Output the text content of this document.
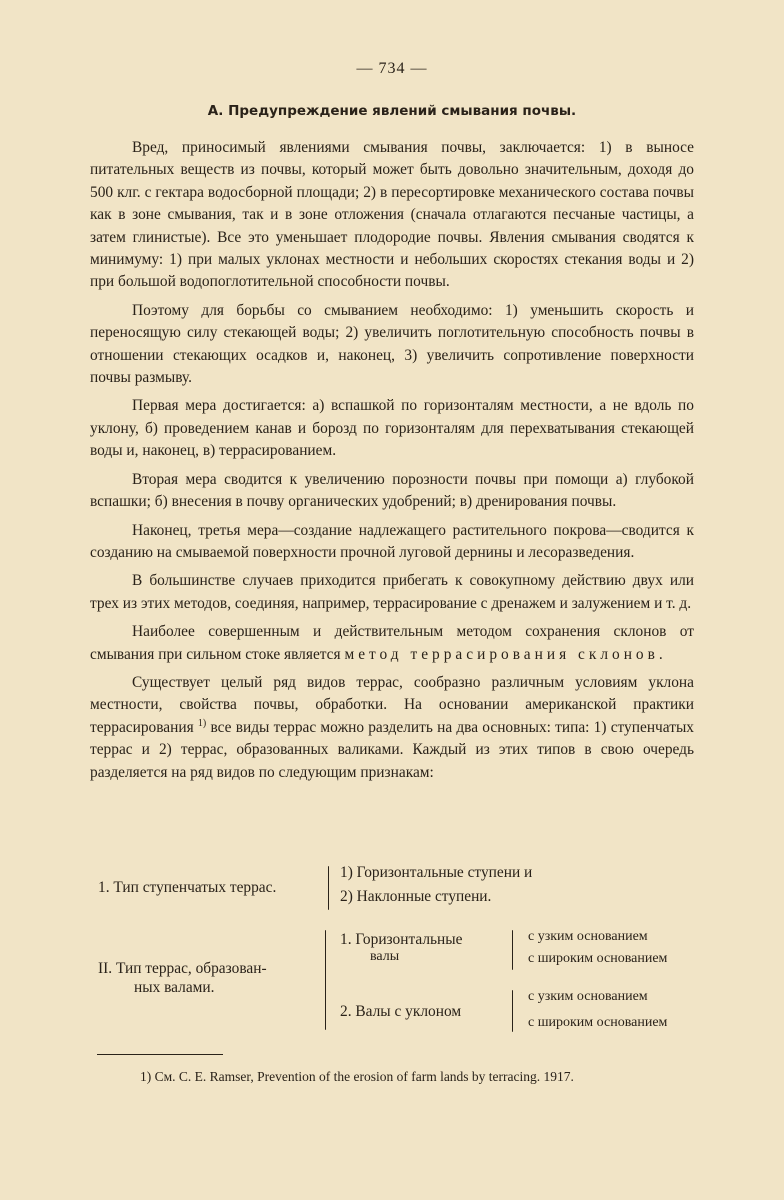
— 734 —
А. Предупреждение явлений смывания почвы.

Вред, приносимый явлениями смывания почвы, заключается: 1) в выносе питательных веществ из почвы, который может быть довольно значительным, доходя до 500 клг. с гектара водосборной площади; 2) в пересортировке механического состава почвы как в зоне смывания, так и в зоне отложения (сначала отлагаются песчаные частицы, а затем глинистые). Все это уменьшает плодородие почвы. Явления смывания сводятся к минимуму: 1) при малых уклонах местности и небольших скоростях стекания воды и 2) при большой водопоглотительной способности почвы.

Поэтому для борьбы со смыванием необходимо: 1) уменьшить скорость и переносящую силу стекающей воды; 2) увеличить поглотительную способность почвы в отношении стекающих осадков и, наконец, 3) увеличить сопротивление поверхности почвы размыву.

Первая мера достигается: а) вспашкой по горизонталям местности, а не вдоль по уклону, б) проведением канав и борозд по горизонталям для перехватывания стекающей воды и, наконец, в) террасированием.

Вторая мера сводится к увеличению порозности почвы при помощи а) глубокой вспашки; б) внесения в почву органических удобрений; в) дренирования почвы.

Наконец, третья мера—создание надлежащего растительного покрова—сводится к созданию на смываемой поверхности прочной луговой дернины и лесоразведения.

В большинстве случаев приходится прибегать к совокупному действию двух или трех из этих методов, соединяя, например, террасирование с дренажем и залужением и т. д.

Наиболее совершенным и действительным методом сохранения склонов от смывания при сильном стоке является метод террасирования склонов.

Существует целый ряд видов террас, сообразно различным условиям уклона местности, свойства почвы, обработки. На основании американской практики террасирования $^{1)}$ все виды террас можно разделить на два основных: типа: 1) ступенчатых террас и 2) террас, образованных валиками. Каждый из этих типов в свою очередь разделяется на ряд видов по следующим признакам:

1. Тип ступенчатых террас.
1) Горизонтальные ступени и
2) Наклонные ступени.
II. Тип террас, образован-
ных валами.
1. Горизонтальные
валы
с узким основанием
с широким основанием
2. Валы с уклоном
с узким основанием
с широким основанием
1) См. C. E. Ramser, Prevention of the erosion of farm lands by terracing. 1917.
